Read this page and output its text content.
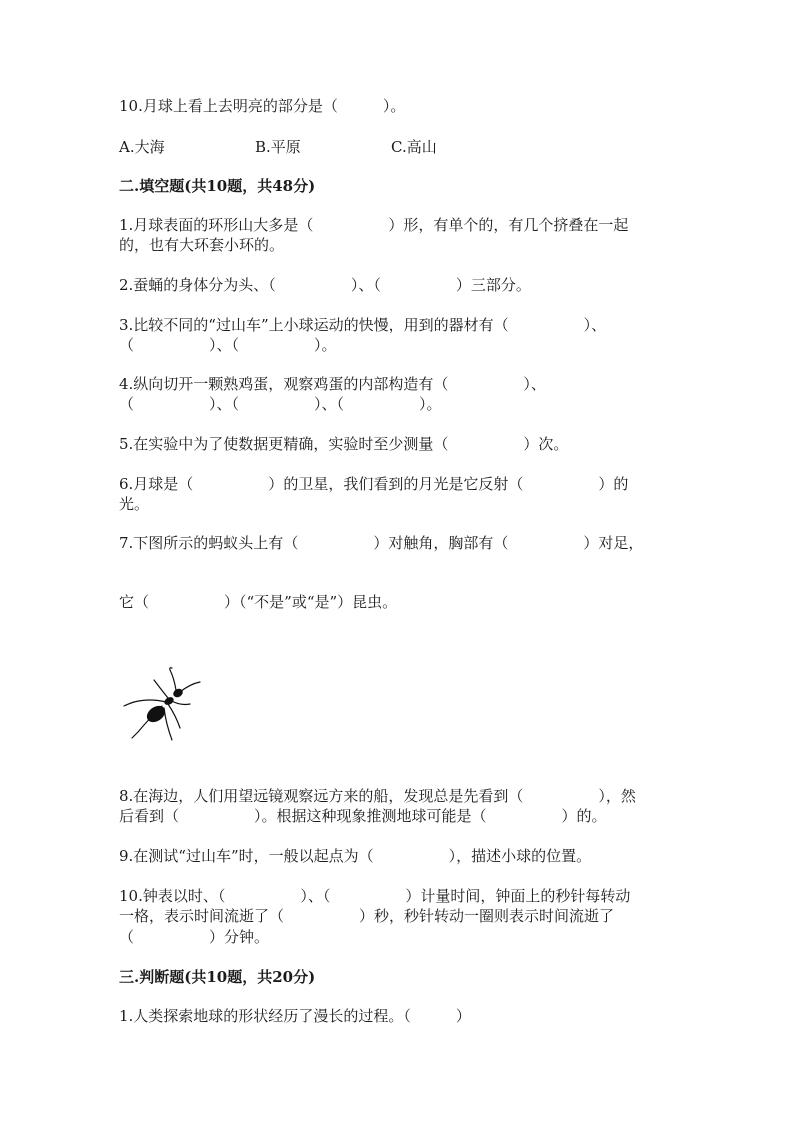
10.月球上看上去明亮的部分是（　　　）。
A.大海	B.平原	C.高山
二.填空题(共10题，共48分)
1.月球表面的环形山大多是（　　　　　）形，有单个的，有几个挤叠在一起
的，也有大环套小环的。
2.蚕蛹的身体分为头、（　　　　　）、（　　　　　）三部分。
3.比较不同的“过山车”上小球运动的快慢，用到的器材有（　　　　　）、
（　　　　　）、（　　　　　）。
4.纵向切开一颗熟鸡蛋，观察鸡蛋的内部构造有（　　　　　）、
（　　　　　）、（　　　　　）、（　　　　　）。
5.在实验中为了使数据更精确，实验时至少测量（　　　　　）次。
6.月球是（　　　　　）的卫星，我们看到的月光是它反射（　　　　　）的
光。
7.下图所示的蚂蚁头上有（　　　　　）对触角，胸部有（　　　　　）对足，
它（　　　　　）（“不是”或“是”）昆虫。
8.在海边，人们用望远镜观察远方来的船，发现总是先看到（　　　　　），然
后看到（　　　　　）。根据这种现象推测地球可能是（　　　　　）的。
9.在测试“过山车”时，一般以起点为（　　　　　），描述小球的位置。
10.钟表以时、（　　　　　）、（　　　　　）计量时间，钟面上的秒针每转动
一格，表示时间流逝了（　　　　　）秒，秒针转动一圈则表示时间流逝了
（　　　　　）分钟。
三.判断题(共10题，共20分)
1.人类探索地球的形状经历了漫长的过程。（　　　）
